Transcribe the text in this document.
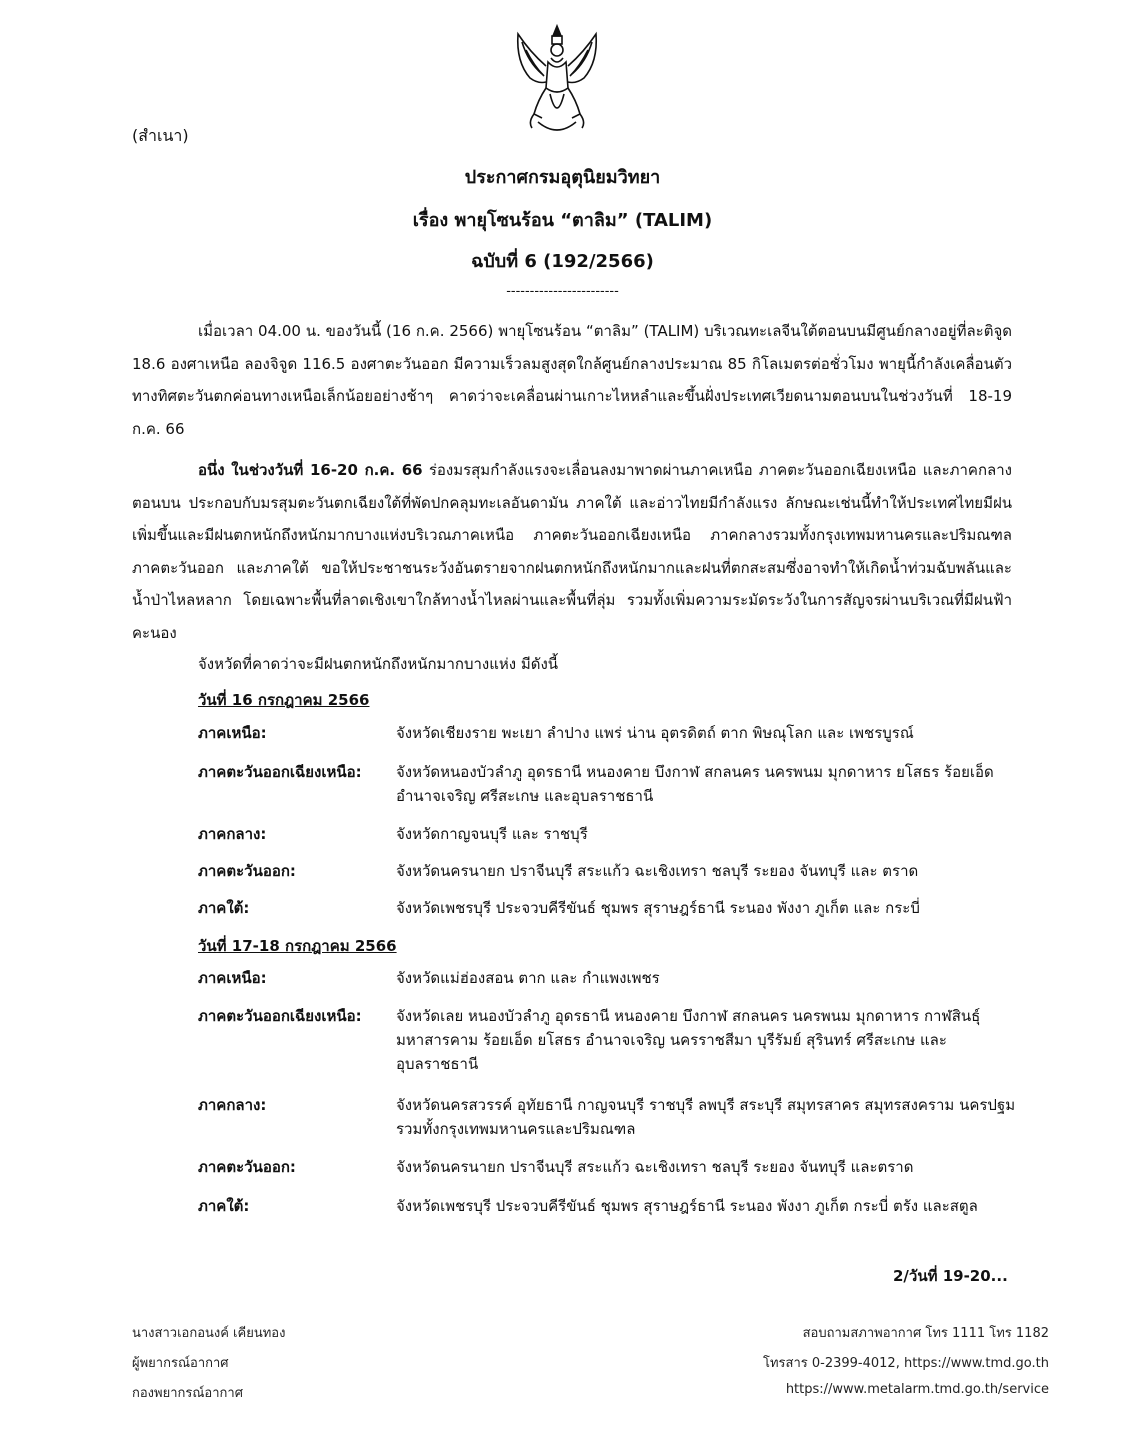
(สำเนา)
ประกาศกรมอุตุนิยมวิทยา
เรื่อง พายุโซนร้อน “ตาลิม” (TALIM)
ฉบับที่ 6 (192/2566)
------------------------
เมื่อเวลา 04.00 น. ของวันนี้ (16 ก.ค. 2566) พายุโซนร้อน “ตาลิม” (TALIM) บริเวณทะเลจีนใต้ตอนบนมีศูนย์กลางอยู่ที่ละติจูด 18.6 องศาเหนือ ลองจิจูด 116.5 องศาตะวันออก มีความเร็วลมสูงสุดใกล้ศูนย์กลางประมาณ 85 กิโลเมตรต่อชั่วโมง พายุนี้กำลังเคลื่อนตัวทางทิศตะวันตกค่อนทางเหนือเล็กน้อยอย่างช้าๆ คาดว่าจะเคลื่อนผ่านเกาะไหหลำและขึ้นฝั่งประเทศเวียดนามตอนบนในช่วงวันที่ 18-19 ก.ค. 66
อนึ่ง ในช่วงวันที่ 16-20 ก.ค. 66 ร่องมรสุมกำลังแรงจะเลื่อนลงมาพาดผ่านภาคเหนือ ภาคตะวันออกเฉียงเหนือ และภาคกลางตอนบน ประกอบกับมรสุมตะวันตกเฉียงใต้ที่พัดปกคลุมทะเลอันดามัน ภาคใต้ และอ่าวไทยมีกำลังแรง ลักษณะเช่นนี้ทำให้ประเทศไทยมีฝนเพิ่มขึ้นและมีฝนตกหนักถึงหนักมากบางแห่งบริเวณภาคเหนือ ภาคตะวันออกเฉียงเหนือ ภาคกลางรวมทั้งกรุงเทพมหานครและปริมณฑล ภาคตะวันออก และภาคใต้ ขอให้ประชาชนระวังอันตรายจากฝนตกหนักถึงหนักมากและฝนที่ตกสะสมซึ่งอาจทำให้เกิดน้ำท่วมฉับพลันและน้ำป่าไหลหลาก โดยเฉพาะพื้นที่ลาดเชิงเขาใกล้ทางน้ำไหลผ่านและพื้นที่ลุ่ม รวมทั้งเพิ่มความระมัดระวังในการสัญจรผ่านบริเวณที่มีฝนฟ้าคะนอง
จังหวัดที่คาดว่าจะมีฝนตกหนักถึงหนักมากบางแห่ง มีดังนี้
วันที่ 16 กรกฎาคม 2566
ภาคเหนือ:	จังหวัดเชียงราย พะเยา ลำปาง แพร่ น่าน อุตรดิตถ์ ตาก พิษณุโลก และ เพชรบูรณ์
ภาคตะวันออกเฉียงเหนือ:	จังหวัดหนองบัวลำภู อุดรธานี หนองคาย บึงกาฬ สกลนคร นครพนม มุกดาหาร ยโสธร ร้อยเอ็ด อำนาจเจริญ ศรีสะเกษ และอุบลราชธานี
ภาคกลาง:	จังหวัดกาญจนบุรี และ ราชบุรี
ภาคตะวันออก:	จังหวัดนครนายก ปราจีนบุรี สระแก้ว ฉะเชิงเทรา ชลบุรี ระยอง จันทบุรี และ ตราด
ภาคใต้:	จังหวัดเพชรบุรี ประจวบคีรีขันธ์ ชุมพร สุราษฎร์ธานี ระนอง พังงา ภูเก็ต และ กระบี่
วันที่ 17-18 กรกฎาคม 2566
ภาคเหนือ:	จังหวัดแม่ฮ่องสอน ตาก และ กำแพงเพชร
ภาคตะวันออกเฉียงเหนือ:	จังหวัดเลย หนองบัวลำภู อุดรธานี หนองคาย บึงกาฬ สกลนคร นครพนม มุกดาหาร กาฬสินธุ์ มหาสารคาม ร้อยเอ็ด ยโสธร อำนาจเจริญ นครราชสีมา บุรีรัมย์ สุรินทร์ ศรีสะเกษ และอุบลราชธานี
ภาคกลาง:	จังหวัดนครสวรรค์ อุทัยธานี กาญจนบุรี ราชบุรี ลพบุรี สระบุรี สมุทรสาคร สมุทรสงคราม นครปฐม รวมทั้งกรุงเทพมหานครและปริมณฑล
ภาคตะวันออก:	จังหวัดนครนายก ปราจีนบุรี สระแก้ว ฉะเชิงเทรา ชลบุรี ระยอง จันทบุรี และตราด
ภาคใต้:	จังหวัดเพชรบุรี ประจวบคีรีขันธ์ ชุมพร สุราษฎร์ธานี ระนอง พังงา ภูเก็ต กระบี่ ตรัง และสตูล
2/วันที่ 19-20...
นางสาวเอกอนงค์ เคียนทอง
ผู้พยากรณ์อากาศ
กองพยากรณ์อากาศ
สอบถามสภาพอากาศ โทร 1111 โทร 1182
โทรสาร 0-2399-4012, https://www.tmd.go.th
https://www.metalarm.tmd.go.th/service
